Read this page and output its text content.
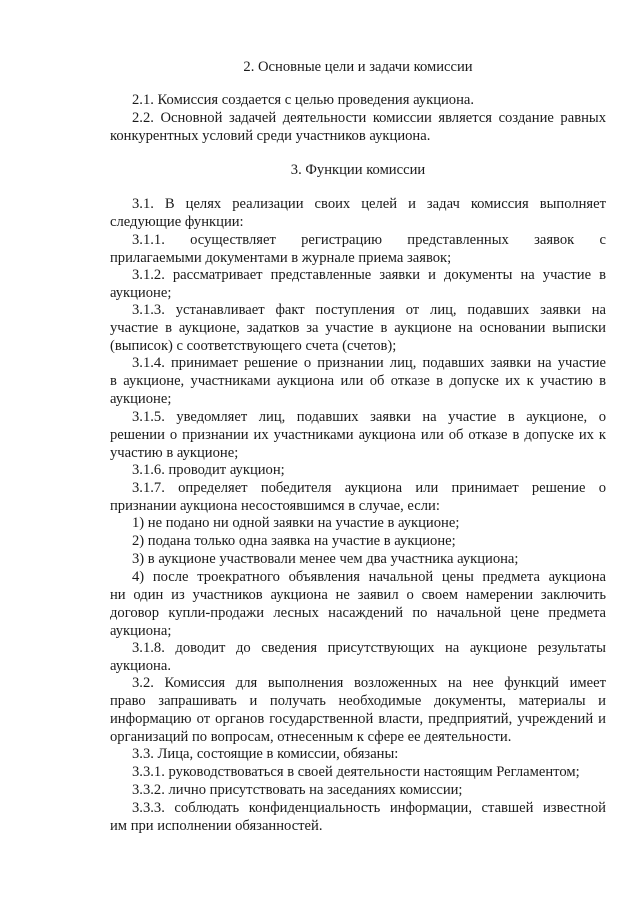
2. Основные цели и задачи комиссии
2.1. Комиссия создается с целью проведения аукциона.
2.2. Основной задачей деятельности комиссии является создание равных
конкурентных условий среди участников аукциона.
3. Функции комиссии
3.1. В целях реализации своих целей и задач комиссия выполняет
следующие функции:
3.1.1. осуществляет регистрацию представленных заявок с
прилагаемыми документами в журнале приема заявок;
3.1.2. рассматривает представленные заявки и документы на участие в
аукционе;
3.1.3. устанавливает факт поступления от лиц, подавших заявки на
участие в аукционе, задатков за участие в аукционе на основании выписки (выписок) с соответствующего счета (счетов);
3.1.4. принимает решение о признании лиц, подавших заявки на участие
в аукционе, участниками аукциона или об отказе в допуске их к участию в аукционе;
3.1.5. уведомляет лиц, подавших заявки на участие в аукционе, о
решении о признании их участниками аукциона или об отказе в допуске их к участию в аукционе;
3.1.6. проводит аукцион;
3.1.7. определяет победителя аукциона или принимает решение о
признании аукциона несостоявшимся в случае, если:
1) не подано ни одной заявки на участие в аукционе;
2) подана только одна заявка на участие в аукционе;
3) в аукционе участвовали менее чем два участника аукциона;
4) после троекратного объявления начальной цены предмета аукциона
ни один из участников аукциона не заявил о своем намерении заключить договор купли-продажи лесных насаждений по начальной цене предмета аукциона;
3.1.8. доводит до сведения присутствующих на аукционе результаты
аукциона.
3.2. Комиссия для выполнения возложенных на нее функций имеет
право запрашивать и получать необходимые документы, материалы и информацию от органов государственной власти, предприятий, учреждений и организаций по вопросам, отнесенным к сфере ее деятельности.
3.3. Лица, состоящие в комиссии, обязаны:
3.3.1. руководствоваться в своей деятельности настоящим Регламентом;
3.3.2. лично присутствовать на заседаниях комиссии;
3.3.3. соблюдать конфиденциальность информации, ставшей известной
им при исполнении обязанностей.
